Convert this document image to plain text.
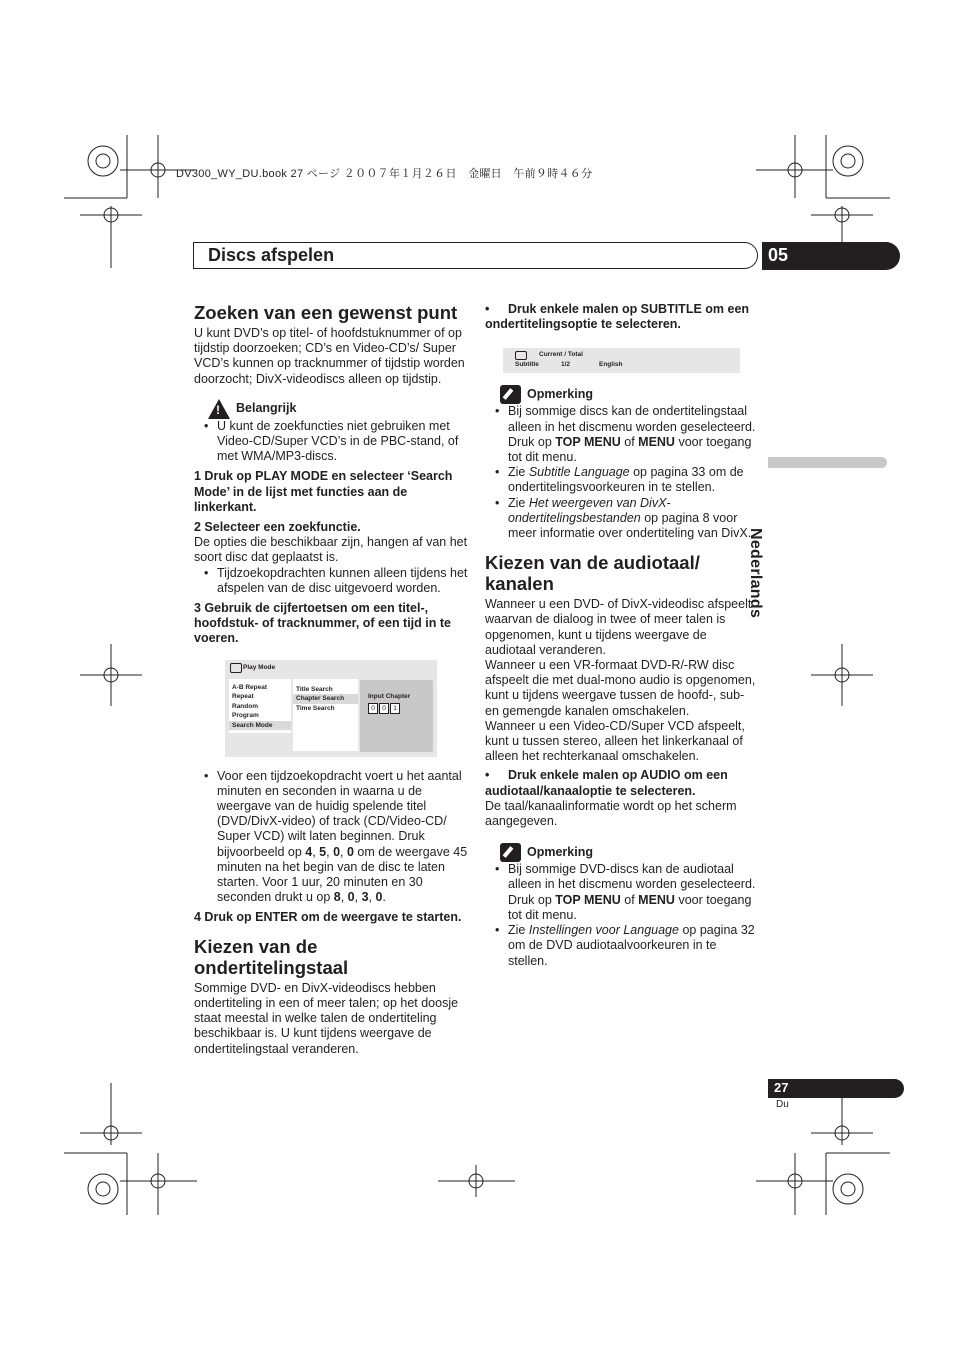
DV300_WY_DU.book 27 ページ ２００７年１月２６日　金曜日　午前９時４６分
Discs afspelen	05
Nederlands
27
Du
Zoeken van een gewenst punt

U kunt DVD’s op titel- of hoofdstuknummer of op tijdstip doorzoeken; CD’s en Video-CD’s/ Super VCD’s kunnen op tracknummer of tijdstip worden doorzocht; DivX-videodiscs alleen op tijdstip.

!
Belangrijk

• U kunt de zoekfuncties niet gebruiken met Video-CD/Super VCD’s in de PBC-stand, of met WMA/MP3-discs.

1 Druk op PLAY MODE en selecteer ‘Search Mode’ in de lijst met functies aan de linkerkant.

2 Selecteer een zoekfunctie.

De opties die beschikbaar zijn, hangen af van het soort disc dat geplaatst is.

• Tijdzoekopdrachten kunnen alleen tijdens het afspelen van de disc uitgevoerd worden.

3 Gebruik de cijfertoetsen om een titel-, hoofdstuk- of tracknummer, of een tijd in te voeren.

Play Mode
A-B Repeat
Repeat
Random
Program
Search Mode
Title Search
Chapter Search
Time Search
Input Chapter
0 0 1

• Voor een tijdzoekopdracht voert u het aantal minuten en seconden in waarna u de weergave van de huidig spelende titel (DVD/DivX-video) of track (CD/Video-CD/ Super VCD) wilt laten beginnen. Druk bijvoorbeeld op 4, 5, 0, 0 om de weergave 45 minuten na het begin van de disc te laten starten. Voor 1 uur, 20 minuten en 30 seconden drukt u op 8, 0, 3, 0.

4 Druk op ENTER om de weergave te starten.

Kiezen van de ondertitelingstaal

Sommige DVD- en DivX-videodiscs hebben ondertiteling in een of meer talen; op het doosje staat meestal in welke talen de ondertiteling beschikbaar is. U kunt tijdens weergave de ondertitelingstaal veranderen.

• Druk enkele malen op SUBTITLE om een ondertitelingsoptie te selecteren.

Current / Total
Subtitle	1/2	English
Opmerking

• Bij sommige discs kan de ondertitelingstaal alleen in het discmenu worden geselecteerd. Druk op TOP MENU of MENU voor toegang tot dit menu.

• Zie Subtitle Language op pagina 33 om de ondertitelingsvoorkeuren in te stellen.

• Zie Het weergeven van DivX-ondertitelingsbestanden op pagina 8 voor meer informatie over ondertiteling van DivX.

Kiezen van de audiotaal/ kanalen

Wanneer u een DVD- of DivX-videodisc afspeelt waarvan de dialoog in twee of meer talen is opgenomen, kunt u tijdens weergave de audiotaal veranderen.

Wanneer u een VR-formaat DVD-R/-RW disc afspeelt die met dual-mono audio is opgenomen, kunt u tijdens weergave tussen de hoofd-, sub- en gemengde kanalen omschakelen.

Wanneer u een Video-CD/Super VCD afspeelt, kunt u tussen stereo, alleen het linkerkanaal of alleen het rechterkanaal omschakelen.

• Druk enkele malen op AUDIO om een audiotaal/kanaaloptie te selecteren.

De taal/kanaalinformatie wordt op het scherm aangegeven.

Opmerking

• Bij sommige DVD-discs kan de audiotaal alleen in het discmenu worden geselecteerd. Druk op TOP MENU of MENU voor toegang tot dit menu.

• Zie Instellingen voor Language op pagina 32 om de DVD audiotaalvoorkeuren in te stellen.
